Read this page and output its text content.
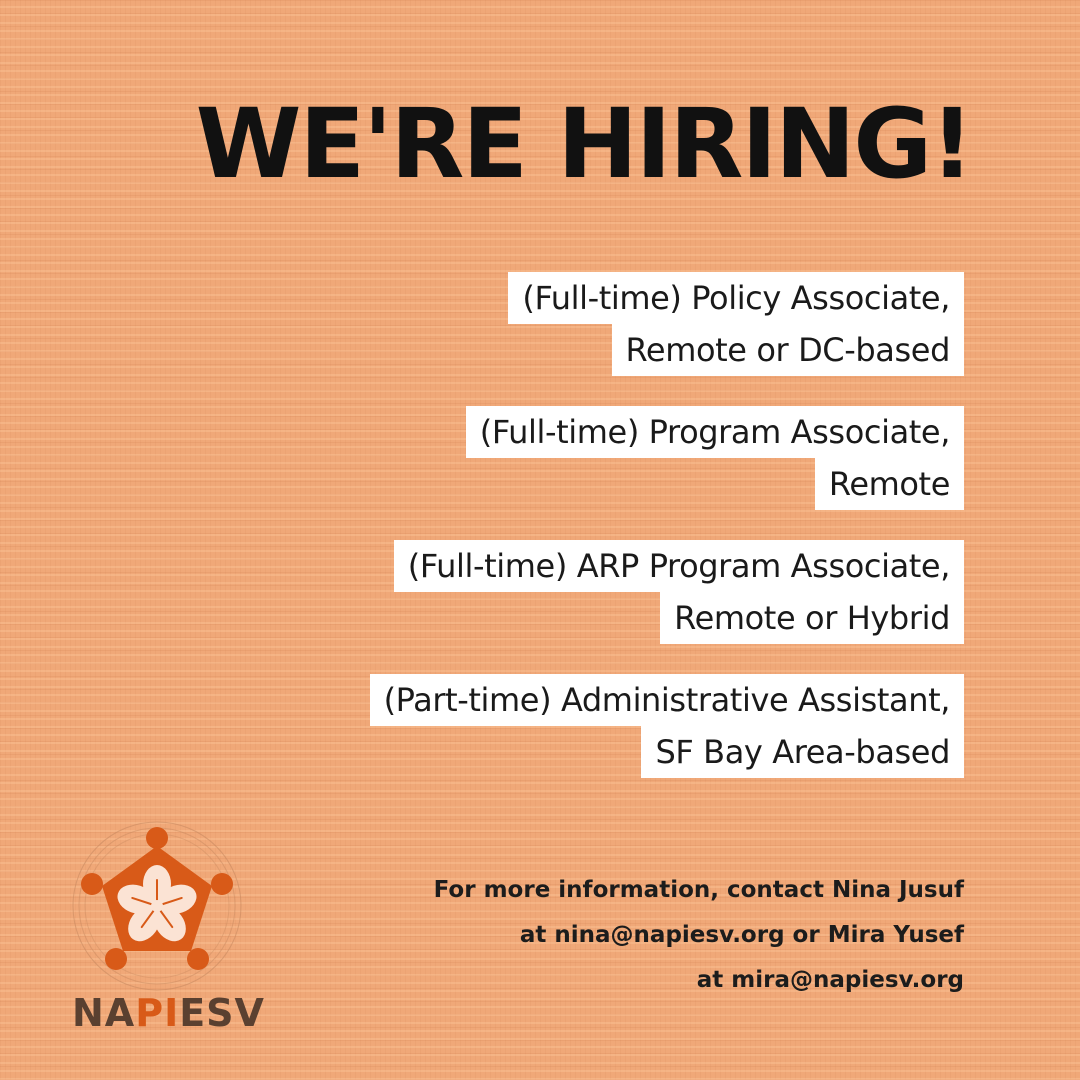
WE'RE HIRING!
(Full-time) Policy Associate,
Remote or DC-based
(Full-time) Program Associate,
Remote
(Full-time) ARP Program Associate,
Remote or Hybrid
(Part-time) Administrative Assistant,
SF Bay Area-based
For more information, contact Nina Jusuf
at nina@napiesv.org or Mira Yusef
at mira@napiesv.org
NAPIESV
